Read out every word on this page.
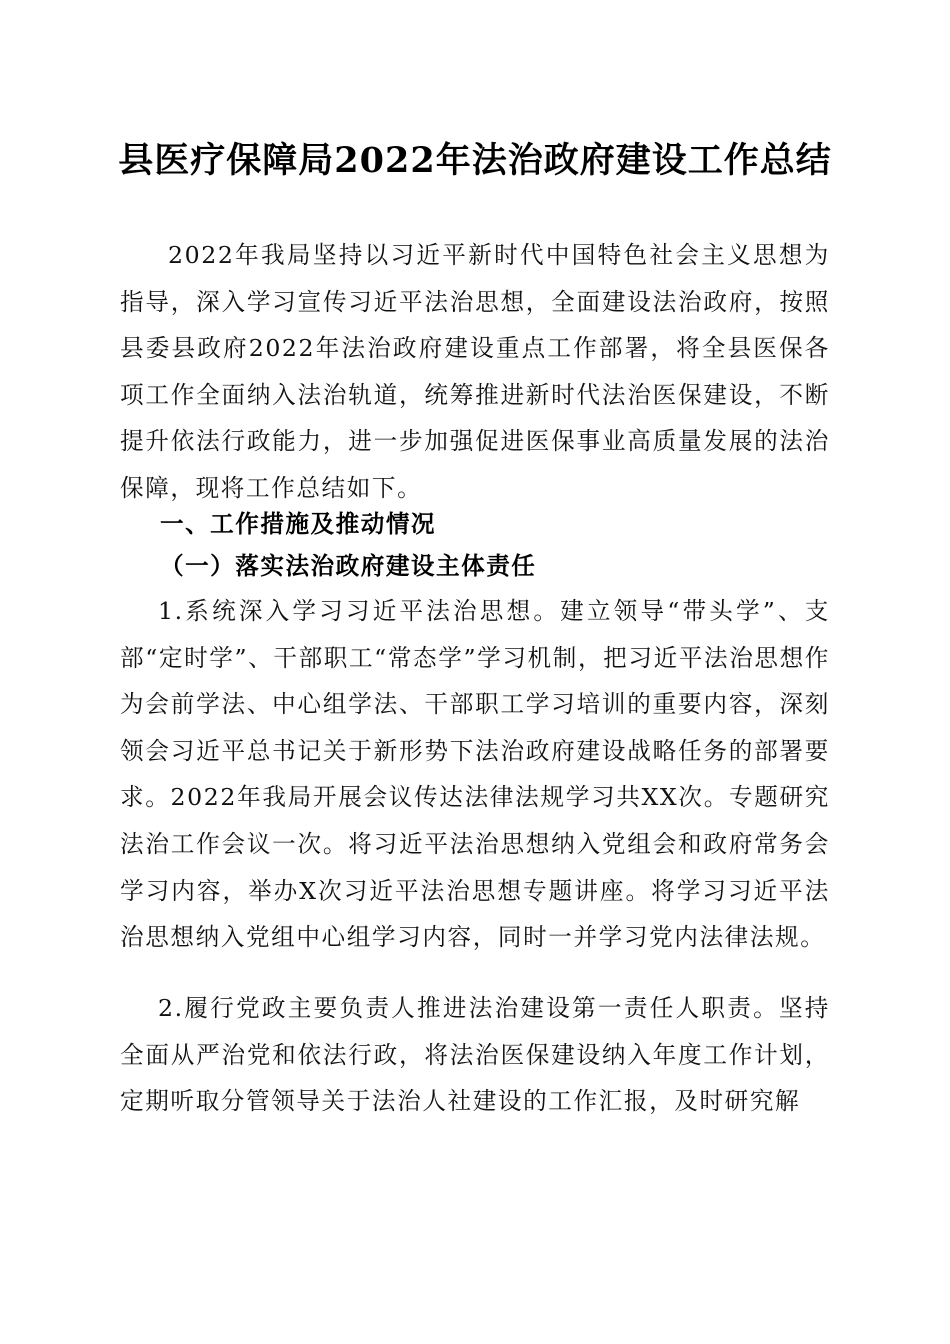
县医疗保障局2022年法治政府建设工作总结
2022年我局坚持以习近平新时代中国特色社会主义思想为指导，深入学习宣传习近平法治思想，全面建设法治政府，按照县委县政府2022年法治政府建设重点工作部署，将全县医保各项工作全面纳入法治轨道，统筹推进新时代法治医保建设，不断提升依法行政能力，进一步加强促进医保事业高质量发展的法治保障，现将工作总结如下。
一、工作措施及推动情况
（一）落实法治政府建设主体责任
1.系统深入学习习近平法治思想。建立领导“带头学”、支部“定时学”、干部职工“常态学”学习机制，把习近平法治思想作为会前学法、中心组学法、干部职工学习培训的重要内容，深刻领会习近平总书记关于新形势下法治政府建设战略任务的部署要求。2022年我局开展会议传达法律法规学习共XX次。专题研究法治工作会议一次。将习近平法治思想纳入党组会和政府常务会学习内容，举办X次习近平法治思想专题讲座。将学习习近平法治思想纳入党组中心组学习内容，同时一并学习党内法律法规。
2.履行党政主要负责人推进法治建设第一责任人职责。坚持全面从严治党和依法行政，将法治医保建设纳入年度工作计划，定期听取分管领导关于法治人社建设的工作汇报，及时研究解
